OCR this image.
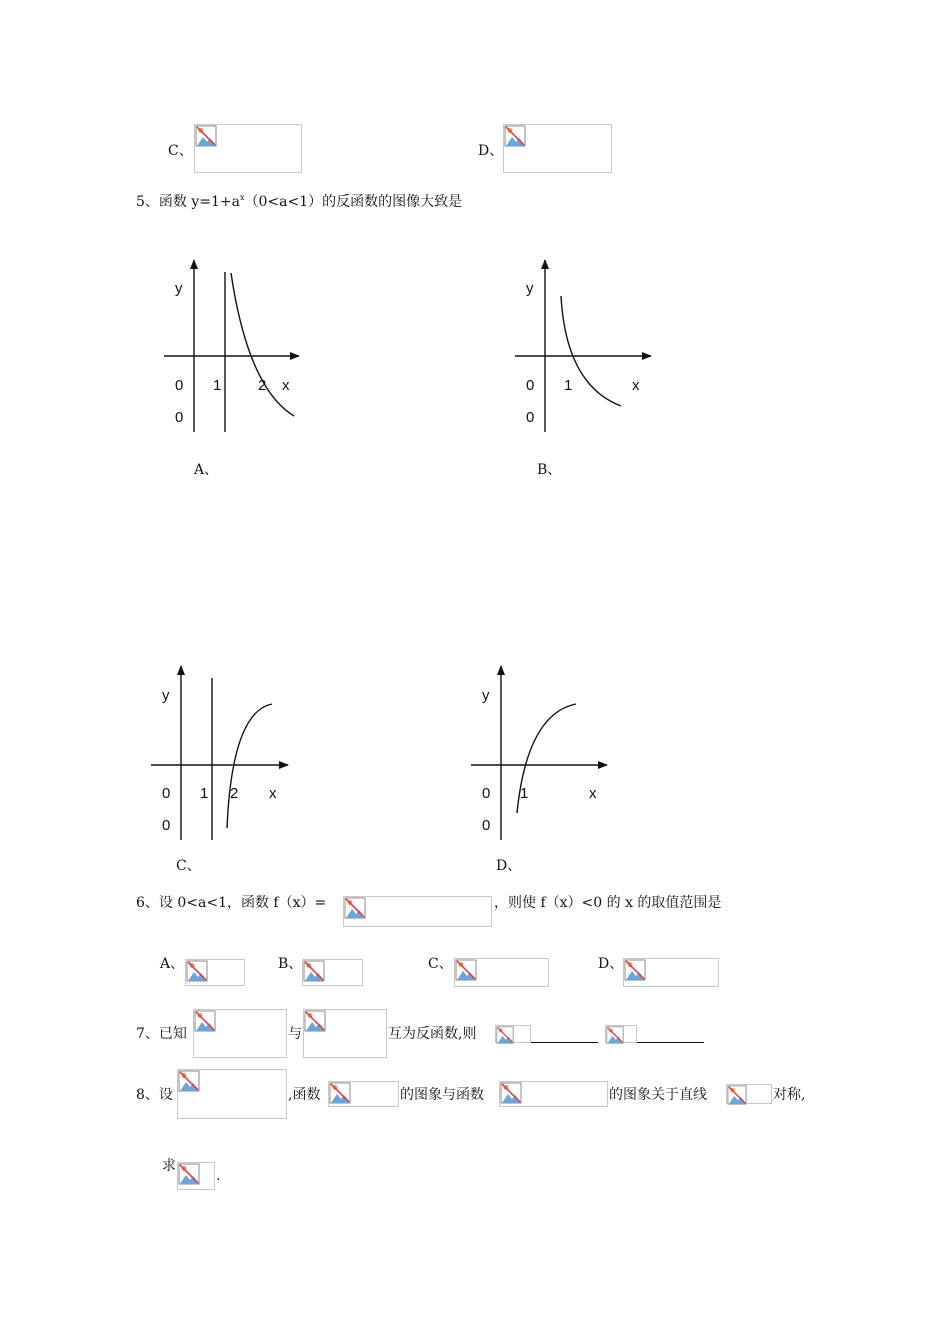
C、	D、
5、函数 $y=1+a^x(0<a<1)$的反函数的图像大致是
y
0 1 2 x
0
A、
y
0 1	x
0
B、
y
0 1 2 x
0
C、
y
0 1	x
0
D、
6、设 0<a<1，函数 f（x）=	，则使 f（x）<0 的 x 的取值范围是
A、	B、	C、	D、
7、已知	与	互为反函数,则
8、设	,函数	的图象与函数	的图象关于直线	对称,
求
.
